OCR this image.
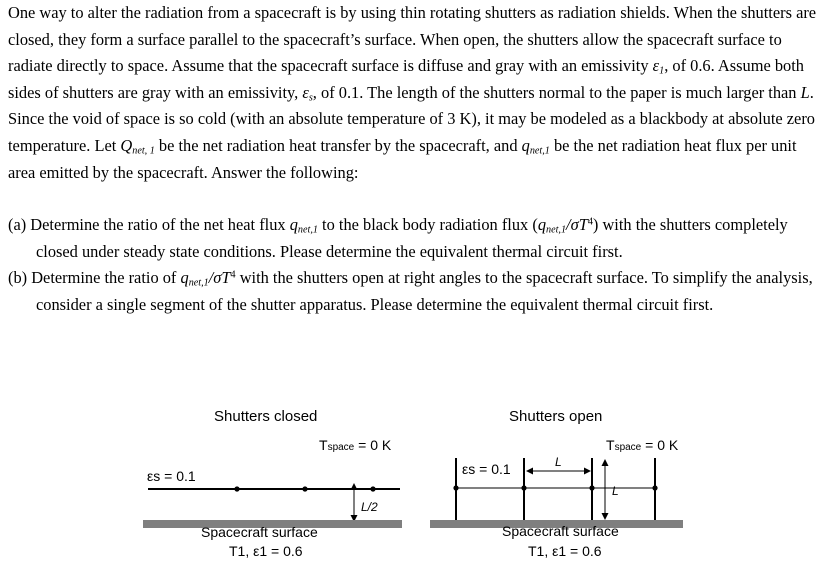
One way to alter the radiation from a spacecraft is by using thin rotating shutters as radiation shields. When the shutters are closed, they form a surface parallel to the spacecraft’s surface. When open, the shutters allow the spacecraft surface to radiate directly to space. Assume that the spacecraft surface is diffuse and gray with an emissivity $\varepsilon_1$, of 0.6. Assume both sides of shutters are gray with an emissivity, $\varepsilon_s$, of 0.1. The length of the shutters normal to the paper is much larger than L. Since the void of space is so cold (with an absolute temperature of 3 K), it may be modeled as a blackbody at absolute zero temperature. Let $Q_{net, 1}$ be the net radiation heat transfer by the spacecraft, and $q_{net,1}$ be the net radiation heat flux per unit area emitted by the spacecraft. Answer the following:

(a) Determine the ratio of the net heat flux $q_{net,1}$ to the black body radiation flux $(q_{net,1}/\sigma T^4)$ with the shutters completely closed under steady state conditions. Please determine the equivalent thermal circuit first.

(b) Determine the ratio of $q_{net,1}/\sigma T^4$ with the shutters open at right angles to the spacecraft surface. To simplify the analysis, consider a single segment of the shutter apparatus. Please determine the equivalent thermal circuit first.

Shutters closed
Tspace = 0 K
εs = 0.1
L/2
Spacecraft surface
T1, ε1 = 0.6
Shutters open
Tspace = 0 K
εs = 0.1	L
L
Spacecraft surface
T1, ε1 = 0.6
